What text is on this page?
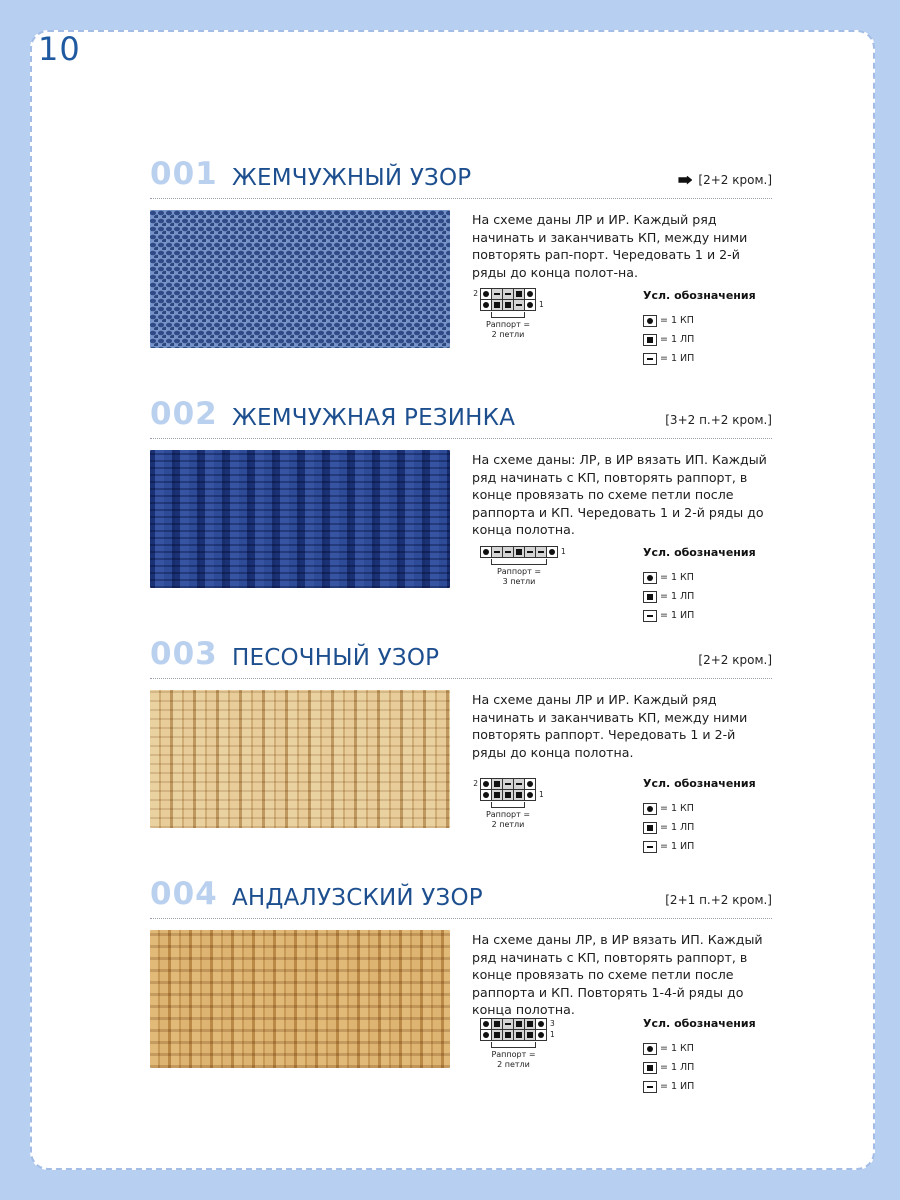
10
001 ЖЕМЧУЖНЫЙ УЗОР	[2+2 кром.]
На схеме даны ЛР и ИР. Каждый ряд начинать и заканчивать КП, между ними повторять рап-порт. Чередовать 1 и 2-й ряды до конца полот-на.
2
Раппорт =
2 петли
1
Усл. обозначения
= 1 КП
= 1 ЛП
= 1 ИП
002 ЖЕМЧУЖНАЯ РЕЗИНКА	[3+2 п.+2 кром.]
На схеме даны: ЛР, в ИР вязать ИП. Каждый ряд начинать с КП, повторять раппорт, в конце провязать по схеме петли после раппорта и КП. Чередовать 1 и 2-й ряды до конца полотна.
Раппорт =
3 петли
1	Усл. обозначения
= 1 КП
= 1 ЛП
= 1 ИП
003 ПЕСОЧНЫЙ УЗОР	[2+2 кром.]
На схеме даны ЛР и ИР. Каждый ряд начинать и заканчивать КП, между ними повторять раппорт. Чередовать 1 и 2-й ряды до конца полотна.
2
Раппорт =
2 петли
1
Усл. обозначения
= 1 КП
= 1 ЛП
= 1 ИП
004 АНДАЛУЗСКИЙ УЗОР	[2+1 п.+2 кром.]
На схеме даны ЛР, в ИР вязать ИП. Каждый ряд начинать с КП, повторять раппорт, в конце провязать по схеме петли после раппорта и КП. Повторять 1-4-й ряды до конца полотна.
Раппорт =
2 петли
3
1
Усл. обозначения
= 1 КП
= 1 ЛП
= 1 ИП
